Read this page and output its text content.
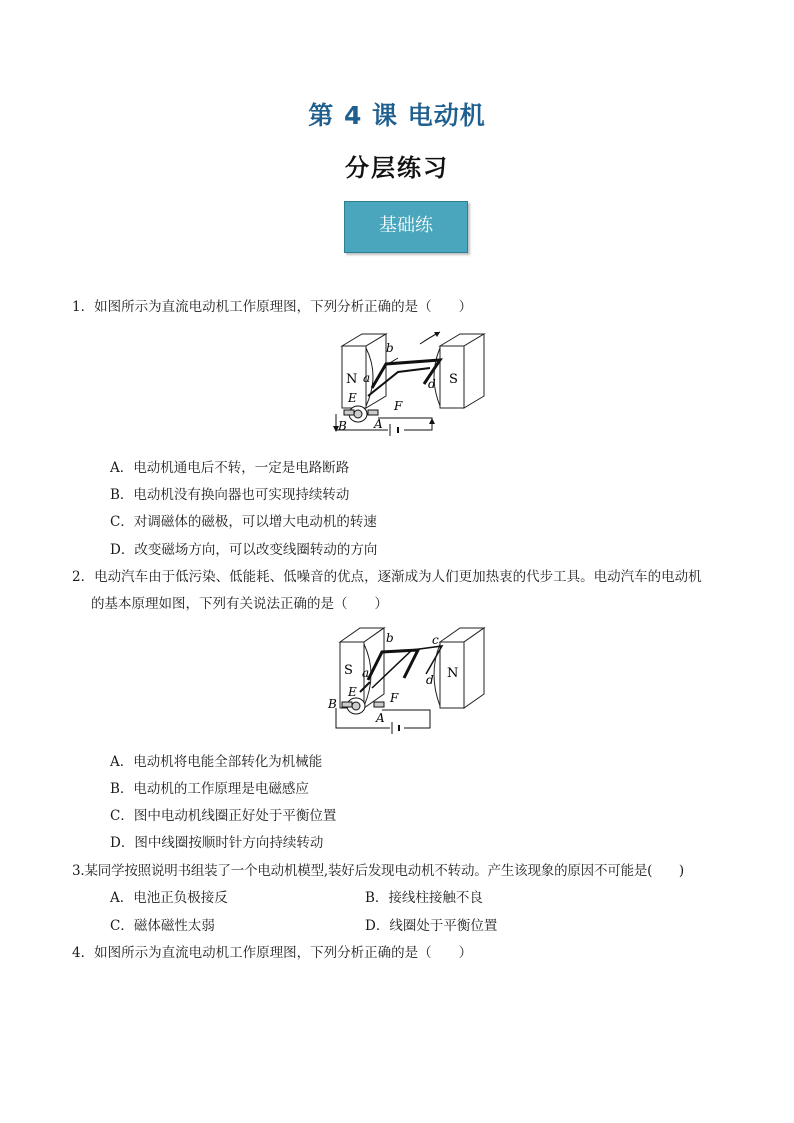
第 4 课 电动机
分层练习
基础练
1．如图所示为直流电动机工作原理图，下列分析正确的是（　　）
N	S
a
b
d
E
F
A
B
A．电动机通电后不转，一定是电路断路
B．电动机没有换向器也可实现持续转动
C．对调磁体的磁极，可以增大电动机的转速
D．改变磁场方向，可以改变线圈转动的方向
2．电动汽车由于低污染、低能耗、低噪音的优点，逐渐成为人们更加热衷的代步工具。电动汽车的电动机
的基本原理如图，下列有关说法正确的是（　　）
S	N
a
b	c
d
E	F
A
B
A．电动机将电能全部转化为机械能
B．电动机的工作原理是电磁感应
C．图中电动机线圈正好处于平衡位置
D．图中线圈按顺时针方向持续转动
3.某同学按照说明书组装了一个电动机模型,装好后发现电动机不转动。产生该现象的原因不可能是(　　)
A．电池正负极接反	B．接线柱接触不良
C．磁体磁性太弱	D．线圈处于平衡位置
4．如图所示为直流电动机工作原理图，下列分析正确的是（　　）
